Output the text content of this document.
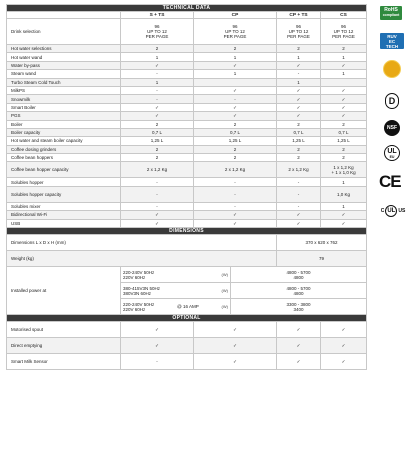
TECHNICAL DATA					
	S + TS	CP		CP + TS	CS
Drink selection	96
UP TO 12
PER PAGE	96
UP TO 12
PER PAGE		96
UP TO 12
PER PAGE	96
UP TO 12
PER PAGE

Hot water selections	2	2		2	2
Hot water wand	1	1		1	1
Water by-pass	✓	✓		✓	✓
Steam wand	-	1		-	1
Turbo Steam Cold Touch	1			1	
MilkPS	-	✓		✓	✓
Snowmilk	-	-		✓	✓
Smart Boiler	✓	✓		✓	✓
PGS	✓	✓		✓	✓
Boiler	2	2		2	2
Boiler capacity	0,7 L	0,7 L		0,7 L	0,7 L
Hot water and steam boiler capacity	1,25 L	1,25 L		1,25 L	1,25 L
Coffee dosing grinders	2	2		2	2
Coffee bean hoppers	2	2		2	2
Coffee bean hopper capacity	2 x 1,2 Kg	2 x 1,2 Kg		2 x 1,2 Kg	1 x 1,2 Kg
+ 1 x 1,0 Kg

Solubles hopper	-	-		-	1
Solubles hopper capacity	-	-		-	1,0 Kg
Solubles mixer	-	-		-	1
Bidirectional Wi-Fi	✓	✓		✓	✓
USB	✓	✓		✓	✓
DIMENSIONS					
Dimensions L x D x H (mm)				370 x 620 x 762	
Weight (kg)				79	
Installed power at	220-240V 50Hz
220V 60Hz (W)		4800 - 5700
4800		

	380-415V3N 50Hz
380V3N 60Hz (W)		4800 - 5700
4800		

	220-240V 50Hz
220V 60Hz @ 16 AMP (W)		3300 - 3800
3400		

OPTIONAL					
Motorised spout	✓	✓		✓	✓
Direct emptying	✓	✓		✓	✓
Smart Milk Sensor	-	✓		✓	✓
RoHS
compliant
RUV
EC
TECH
D
NSF
UL
EU
CE
C UL US
